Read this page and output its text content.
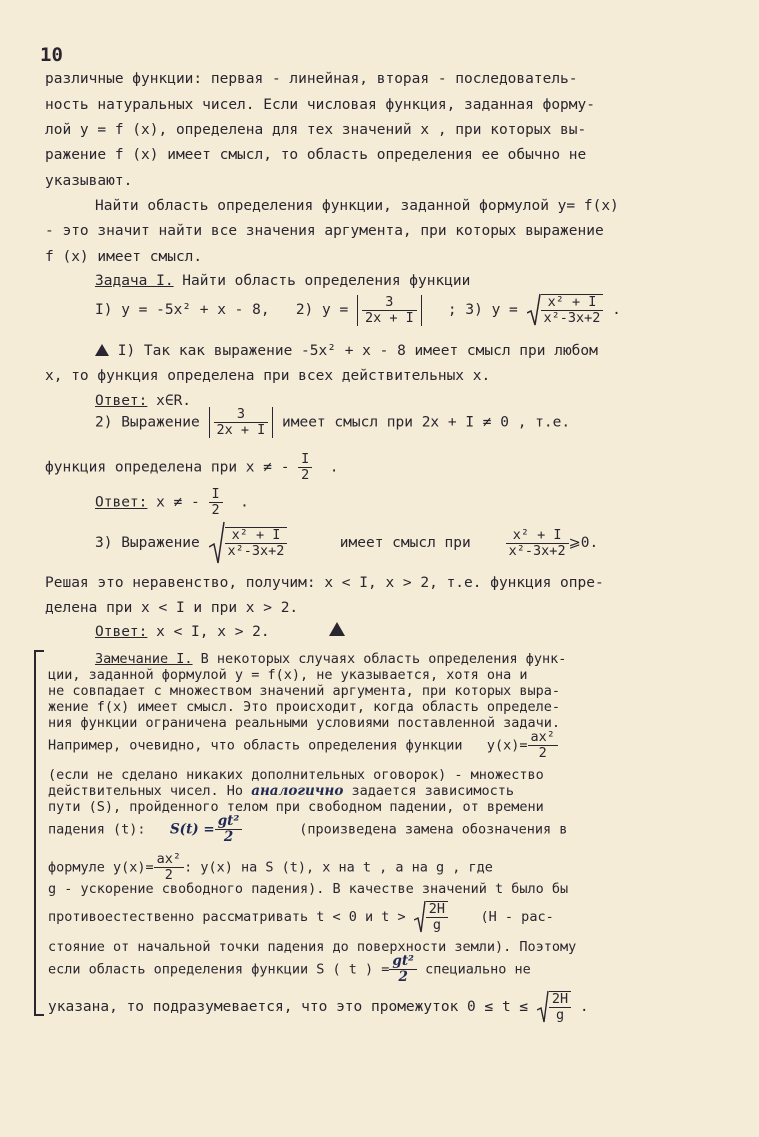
10
различные функции: первая - линейная, вторая - последователь-
ность натуральных чисел. Если числовая функция, заданная форму-
лой y = f (x), определена для тех значений x , при которых вы-
ражение f (x) имеет смысл, то область определения ее обычно не
указывают.
Найти область определения функции, заданной формулой y= f(x)
- это значит найти все значения аргумента, при которых выражение
f (x) имеет смысл.
Задача I. Найти область определения функции
I) y = -5x² + x - 8, 2) $y = \frac{3}{2x + I}$ ; 3) $y = \frac{\text{x² + I}}{\text{x²-3x+2}}$ .
I) Так как выражение -5x² + x - 8 имеет смысл при любом
x, то функция определена при всех действительных x.
Ответ: x∈R.
2) Выражение $\frac{3}{2x + I}$ имеет смысл при 2x + I ≠ 0 , т.е.
функция определена при x ≠ - $\frac{I}{2}$ .
Ответ: x ≠ - $\frac{I}{2}$ .
3) Выражение $\frac{\text{x² + I}}{\text{x²-3x+2}}$	имеет смысл при	$\frac{\text{x² + I}}{\text{x²-3x+2}}$ ⩾0.
Решая это неравенство, получим: x < I, x > 2, т.е. функция опре-
делена при x < I и при x > 2.
Ответ: x < I, x > 2.
Замечание I. В некоторых случаях область определения функ-
ции, заданной формулой y = f(x), не указывается, хотя она и
не совпадает с множеством значений аргумента, при которых выра-
жение f(x) имеет смысл. Это происходит, когда область определе-
ния функции ограничена реальными условиями поставленной задачи.
Например, очевидно, что область определения функции $y(x)= \frac{\text{ax²}}{2}$
(если не сделано никаких дополнительных оговорок) - множество
действительных чисел. Но аналогично задается зависимость
пути (S), пройденного телом при свободном падении, от времени
падения (t): $S(t) = \frac{\text{gt²}}{2}$	(произведена замена обозначения в
формуле $y(x)= \frac{\text{ax²}}{2}$ : y(x) на S (t), x на t , a на g , где
g - ускорение свободного падения). В качестве значений t было бы
противоестественно рассматривать t < 0 и $t > \frac{2H}{g} (H - рас-$
стояние от начальной точки падения до поверхности земли). Поэтому
если область определения функции S ( t ) = $\frac{\text{gt²}}{2}$ специально не
указана, то подразумевается, что это промежуток $0 \le t \le \frac{2H}{g}$ .
